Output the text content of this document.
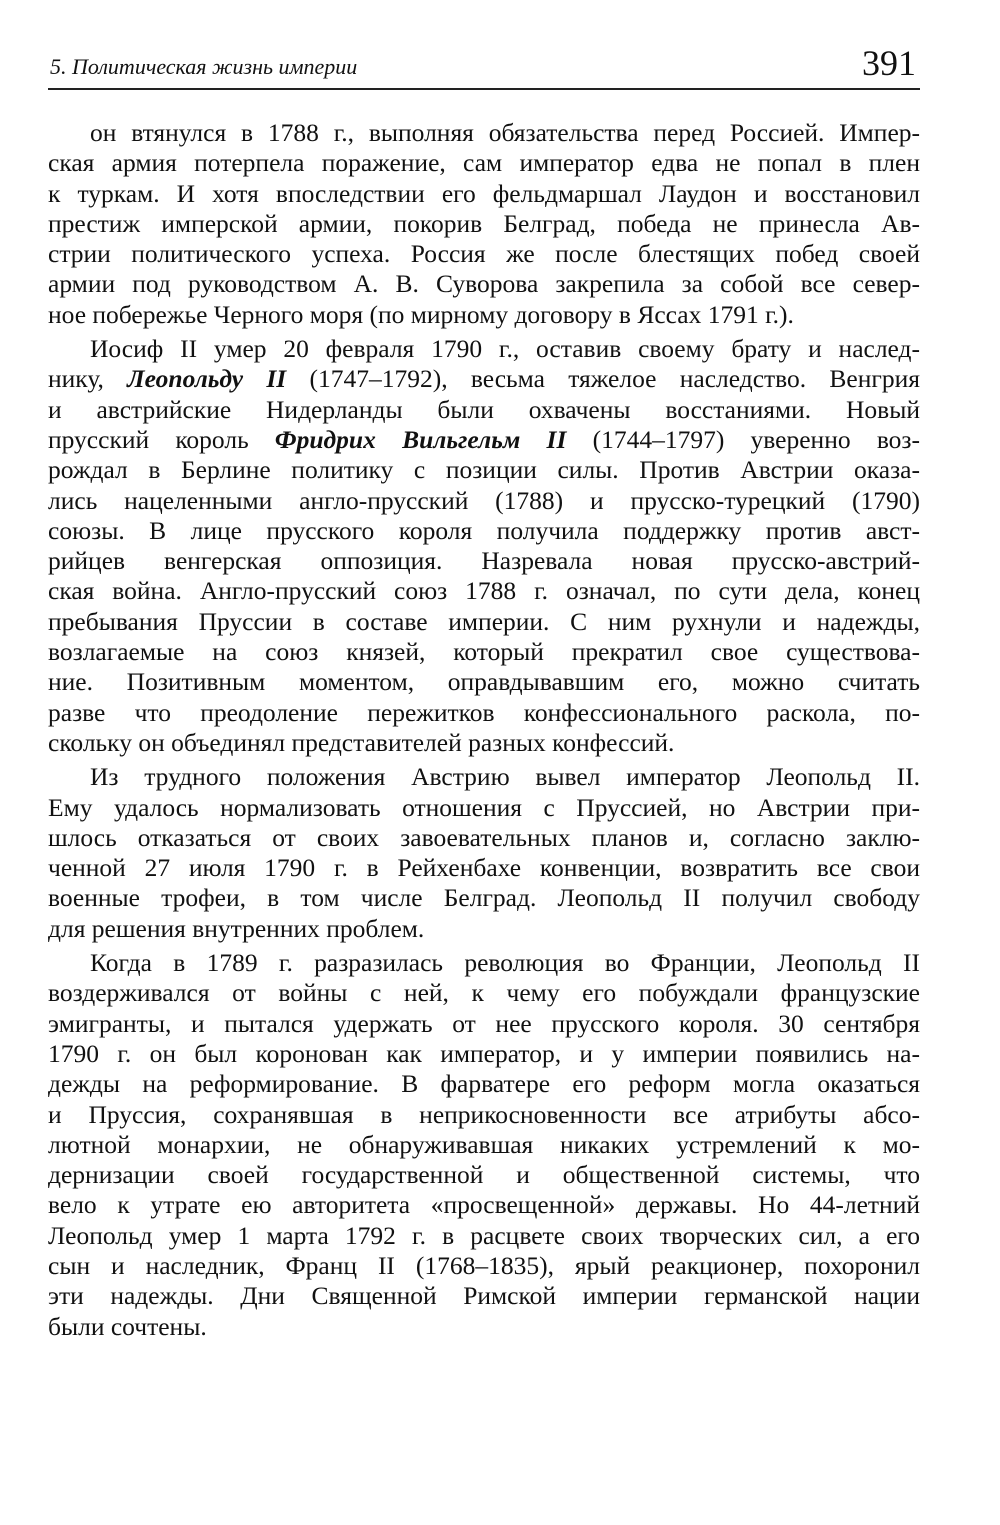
5. Политическая жизнь империи	391
он втянулся в 1788 г., выполняя обязательства перед Россией. Импер-
ская армия потерпела поражение, сам император едва не попал в плен
к туркам. И хотя впоследствии его фельдмаршал Лаудон и восстановил
престиж имперской армии, покорив Белград, победа не принесла Ав-
стрии политического успеха. Россия же после блестящих побед своей
армии под руководством А. В. Суворова закрепила за собой все север-
ное побережье Черного моря (по мирному договору в Яссах 1791 г.).
Иосиф II умер 20 февраля 1790 г., оставив своему брату и наслед-
нику, Леопольду II (1747–1792), весьма тяжелое наследство. Венгрия
и австрийские Нидерланды были охвачены восстаниями. Новый
прусский король Фридрих Вильгельм II (1744–1797) уверенно воз-
рождал в Берлине политику с позиции силы. Против Австрии оказа-
лись нацеленными англо-прусский (1788) и прусско-турецкий (1790)
союзы. В лице прусского короля получила поддержку против авст-
рийцев венгерская оппозиция. Назревала новая прусско-австрий-
ская война. Англо-прусский союз 1788 г. означал, по сути дела, конец
пребывания Пруссии в составе империи. С ним рухнули и надежды,
возлагаемые на союз князей, который прекратил свое существова-
ние. Позитивным моментом, оправдывавшим его, можно считать
разве что преодоление пережитков конфессионального раскола, по-
скольку он объединял представителей разных конфессий.
Из трудного положения Австрию вывел император Леопольд II.
Ему удалось нормализовать отношения с Пруссией, но Австрии при-
шлось отказаться от своих завоевательных планов и, согласно заклю-
ченной 27 июля 1790 г. в Рейхенбахе конвенции, возвратить все свои
военные трофеи, в том числе Белград. Леопольд II получил свободу
для решения внутренних проблем.
Когда в 1789 г. разразилась революция во Франции, Леопольд II
воздерживался от войны с ней, к чему его побуждали французские
эмигранты, и пытался удержать от нее прусского короля. 30 сентября
1790 г. он был коронован как император, и у империи появились на-
дежды на реформирование. В фарватере его реформ могла оказаться
и Пруссия, сохранявшая в неприкосновенности все атрибуты абсо-
лютной монархии, не обнаруживавшая никаких устремлений к мо-
дернизации своей государственной и общественной системы, что
вело к утрате ею авторитета «просвещенной» державы. Но 44-летний
Леопольд умер 1 марта 1792 г. в расцвете своих творческих сил, а его
сын и наследник, Франц II (1768–1835), ярый реакционер, похоронил
эти надежды. Дни Священной Римской империи германской нации
были сочтены.
